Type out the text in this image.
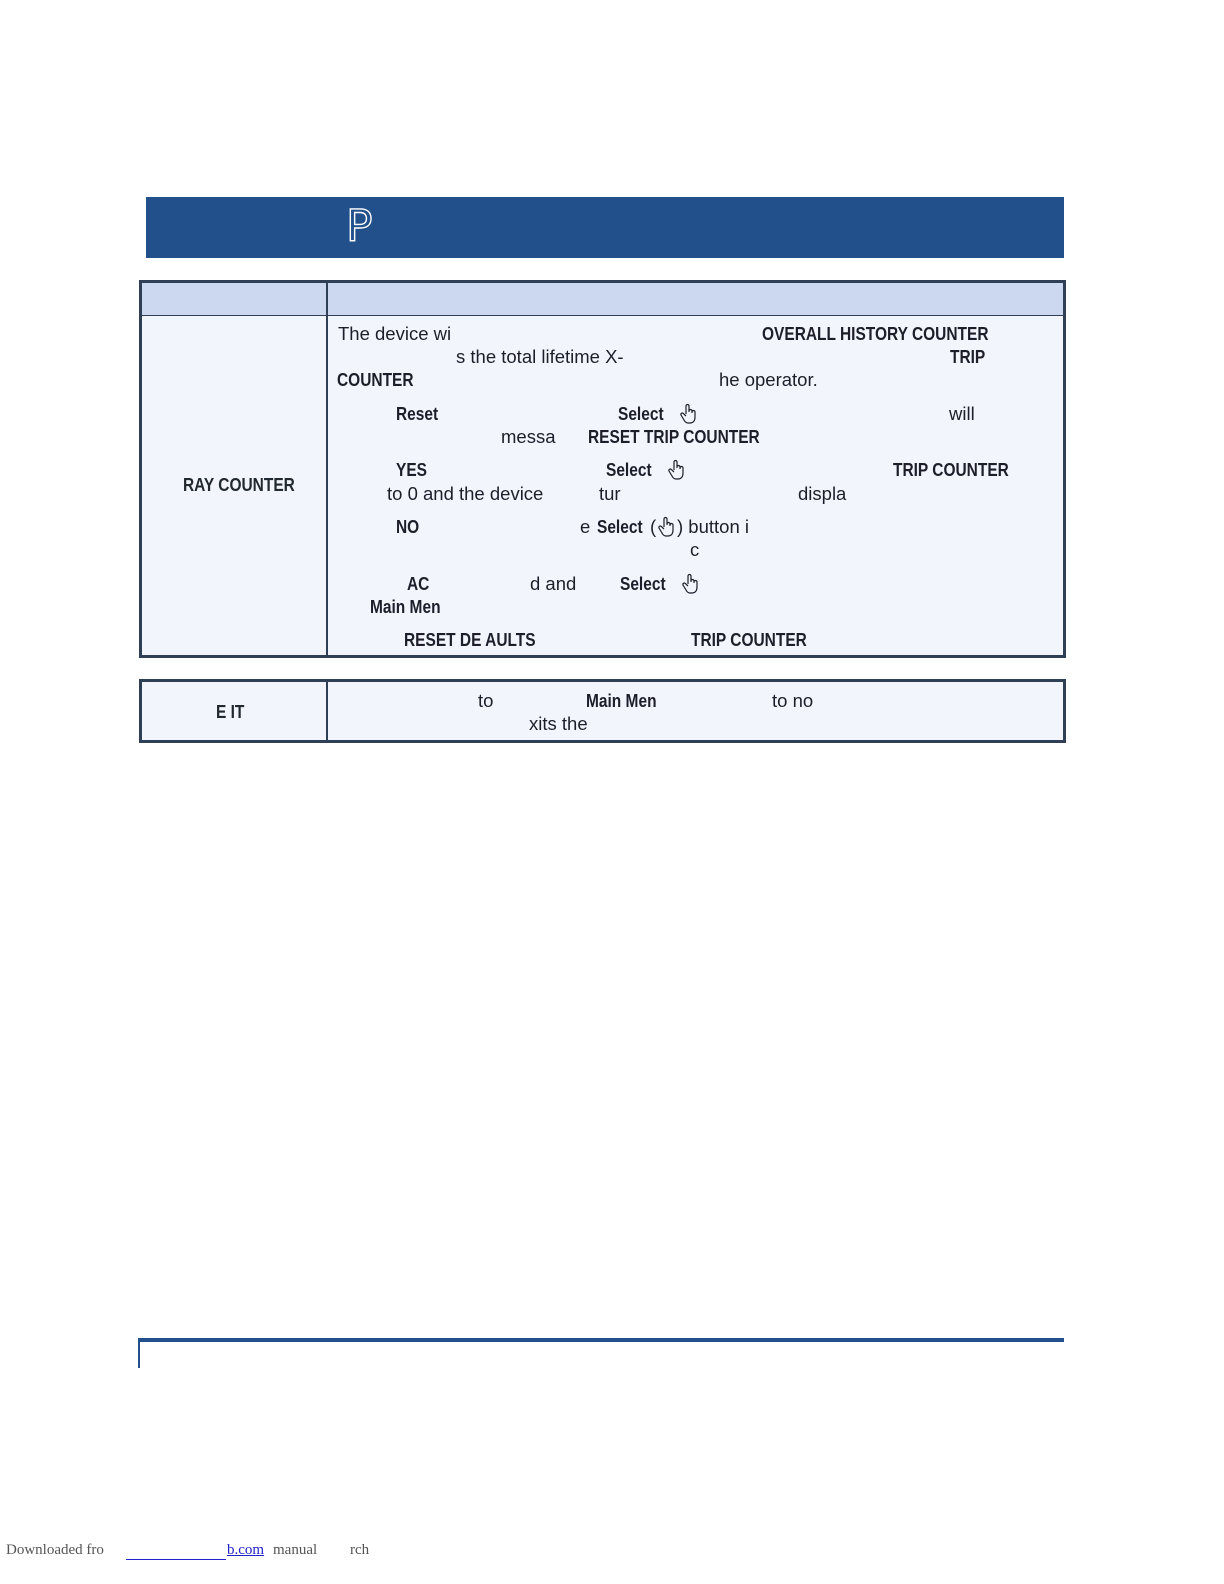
P
RAY COUNTER
The device wi	OVERALL HISTORY COUNTER
s the total lifetime X-	TRIP
COUNTER	he operator.
Reset	Select	will
messa RESET TRIP COUNTER
YES	Select	TRIP COUNTER
to 0 and the device	tur	displa
NO	e Select ( ) button i
c
AC	d and Select
Main Men
RESET DE AULTS	TRIP COUNTER
E IT
to	Main Men	to no
xits the
Downloaded fro	b.com manual rch
